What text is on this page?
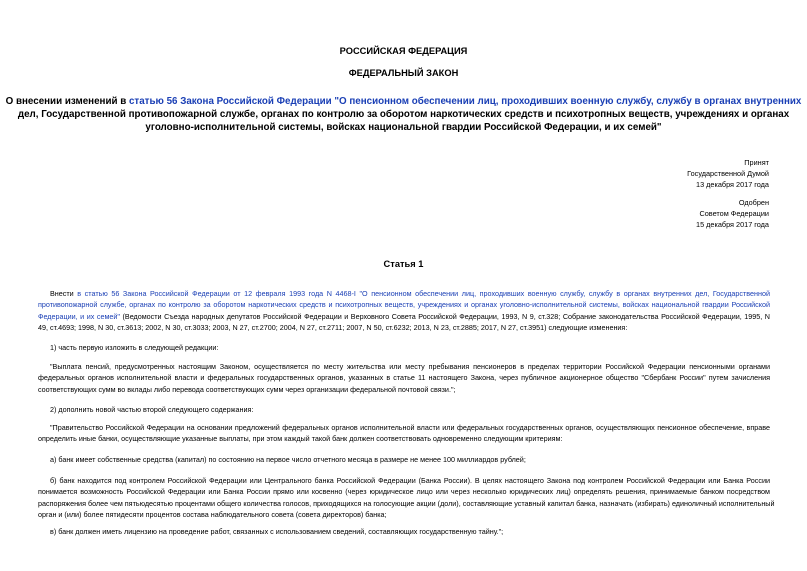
РОССИЙСКАЯ ФЕДЕРАЦИЯ
ФЕДЕРАЛЬНЫЙ ЗАКОН
О внесении изменений в статью 56 Закона Российской Федерации "О пенсионном обеспечении лиц, проходивших военную службу, службу в органах внутренних
дел, Государственной противопожарной службе, органах по контролю за оборотом наркотических средств и психотропных веществ, учреждениях и органах
уголовно-исполнительной системы, войсках национальной гвардии Российской Федерации, и их семей"
Принят
Государственной Думой
13 декабря 2017 года
Одобрен
Советом Федерации
15 декабря 2017 года
Статья 1
Внести в статью 56 Закона Российской Федерации от 12 февраля 1993 года N 4468-I "О пенсионном обеспечении лиц, проходивших военную службу, службу в органах внутренних дел, Государственной
противопожарной службе, органах по контролю за оборотом наркотических средств и психотропных веществ, учреждениях и органах уголовно-исполнительной системы, войсках национальной гвардии Российской
Федерации, и их семей" (Ведомости Съезда народных депутатов Российской Федерации и Верховного Совета Российской Федерации, 1993, N 9, ст.328; Собрание законодательства Российской Федерации, 1995, N
49, ст.4693; 1998, N 30, ст.3613; 2002, N 30, ст.3033; 2003, N 27, ст.2700; 2004, N 27, ст.2711; 2007, N 50, ст.6232; 2013, N 23, ст.2885; 2017, N 27, ст.3951) следующие изменения:
1) часть первую изложить в следующей редакции:
"Выплата пенсий, предусмотренных настоящим Законом, осуществляется по месту жительства или месту пребывания пенсионеров в пределах территории Российской Федерации пенсионными органами
федеральных органов исполнительной власти и федеральных государственных органов, указанных в статье 11 настоящего Закона, через публичное акционерное общество "Сбербанк России" путем зачисления
соответствующих сумм во вклады либо перевода соответствующих сумм через организации федеральной почтовой связи.";
2) дополнить новой частью второй следующего содержания:
"Правительство Российской Федерации на основании предложений федеральных органов исполнительной власти или федеральных государственных органов, осуществляющих пенсионное обеспечение, вправе
определить иные банки, осуществляющие указанные выплаты, при этом каждый такой банк должен соответствовать одновременно следующим критериям:
а) банк имеет собственные средства (капитал) по состоянию на первое число отчетного месяца в размере не менее 100 миллиардов рублей;
б) банк находится под контролем Российской Федерации или Центрального банка Российской Федерации (Банка России). В целях настоящего Закона под контролем Российской Федерации или Банка России
понимается возможность Российской Федерации или Банка России прямо или косвенно (через юридическое лицо или через несколько юридических лиц) определять решения, принимаемые банком посредством
распоряжения более чем пятьюдесятью процентами общего количества голосов, приходящихся на голосующие акции (доли), составляющие уставный капитал банка, назначать (избирать) единоличный исполнительный
орган и (или) более пятидесяти процентов состава наблюдательного совета (совета директоров) банка;
в) банк должен иметь лицензию на проведение работ, связанных с использованием сведений, составляющих государственную тайну.";
